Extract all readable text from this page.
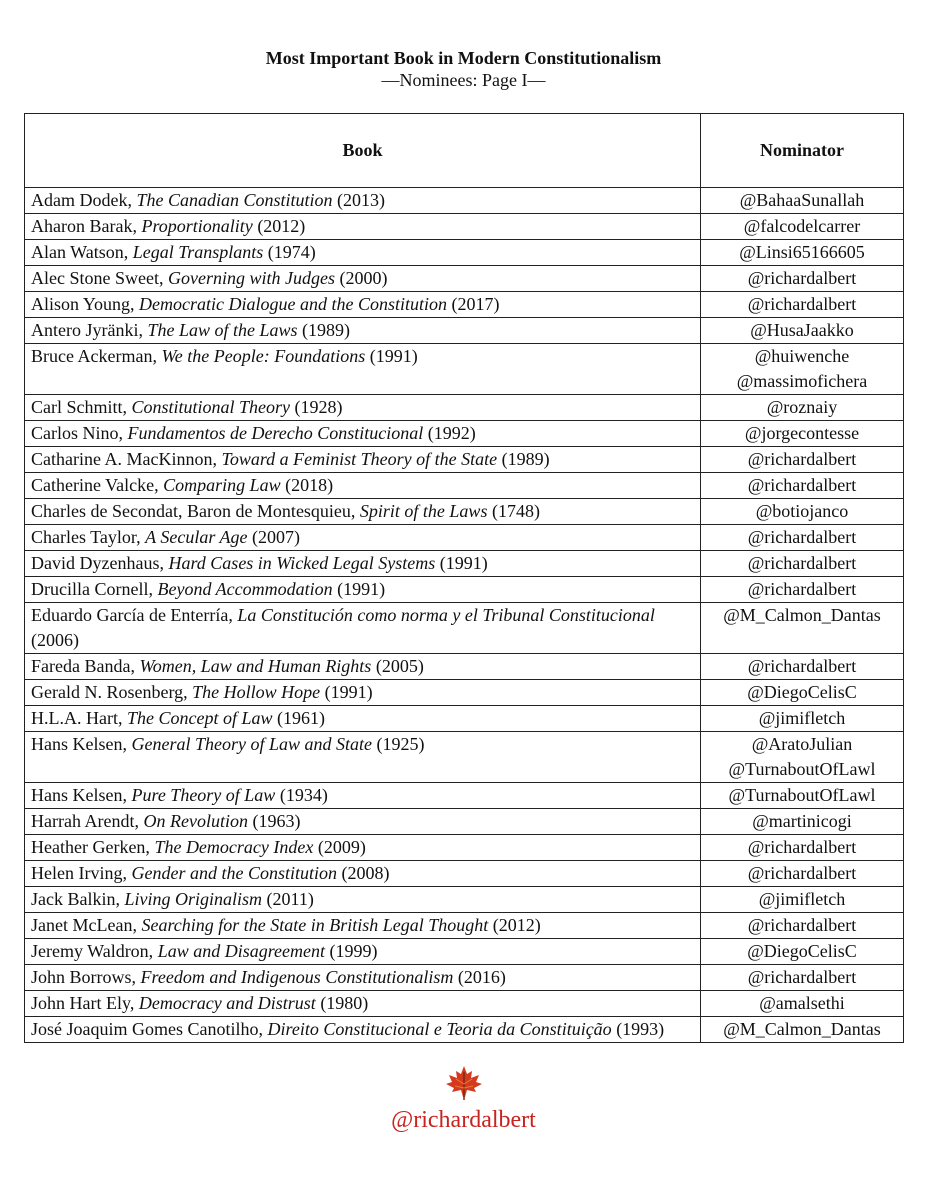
Most Important Book in Modern Constitutionalism
—Nominees: Page I—
Book	Nominator
Adam Dodek, The Canadian Constitution (2013)	@BahaaSunallah

Aharon Barak, Proportionality (2012)	@falcodelcarrer

Alan Watson, Legal Transplants (1974)	@Linsi65166605

Alec Stone Sweet, Governing with Judges (2000)	@richardalbert

Alison Young, Democratic Dialogue and the Constitution (2017)	@richardalbert

Antero Jyränki, The Law of the Laws (1989)	@HusaJaakko

Bruce Ackerman, We the People: Foundations (1991)	@huiwenche
@massimofichera

Carl Schmitt, Constitutional Theory (1928)	@roznaiy

Carlos Nino, Fundamentos de Derecho Constitucional (1992)	@jorgecontesse

Catharine A. MacKinnon, Toward a Feminist Theory of the State (1989)	@richardalbert

Catherine Valcke, Comparing Law (2018)	@richardalbert

Charles de Secondat, Baron de Montesquieu, Spirit of the Laws (1748)	@botiojanco

Charles Taylor, A Secular Age (2007)	@richardalbert

David Dyzenhaus, Hard Cases in Wicked Legal Systems (1991)	@richardalbert

Drucilla Cornell, Beyond Accommodation (1991)	@richardalbert

Eduardo García de Enterría, La Constitución como norma y el Tribunal Constitucional (2006)	@M_Calmon_Dantas

Fareda Banda, Women, Law and Human Rights (2005)	@richardalbert

Gerald N. Rosenberg, The Hollow Hope (1991)	@DiegoCelisC

H.L.A. Hart, The Concept of Law (1961)	@jimifletch

Hans Kelsen, General Theory of Law and State (1925)	@AratoJulian
@TurnaboutOfLawl

Hans Kelsen, Pure Theory of Law (1934)	@TurnaboutOfLawl

Harrah Arendt, On Revolution (1963)	@martinicogi

Heather Gerken, The Democracy Index (2009)	@richardalbert

Helen Irving, Gender and the Constitution (2008)	@richardalbert

Jack Balkin, Living Originalism (2011)	@jimifletch

Janet McLean, Searching for the State in British Legal Thought (2012)	@richardalbert

Jeremy Waldron, Law and Disagreement (1999)	@DiegoCelisC

John Borrows, Freedom and Indigenous Constitutionalism (2016)	@richardalbert

John Hart Ely, Democracy and Distrust (1980)	@amalsethi

José Joaquim Gomes Canotilho, Direito Constitucional e Teoria da Constituição (1993)	@M_Calmon_Dantas
@richardalbert
